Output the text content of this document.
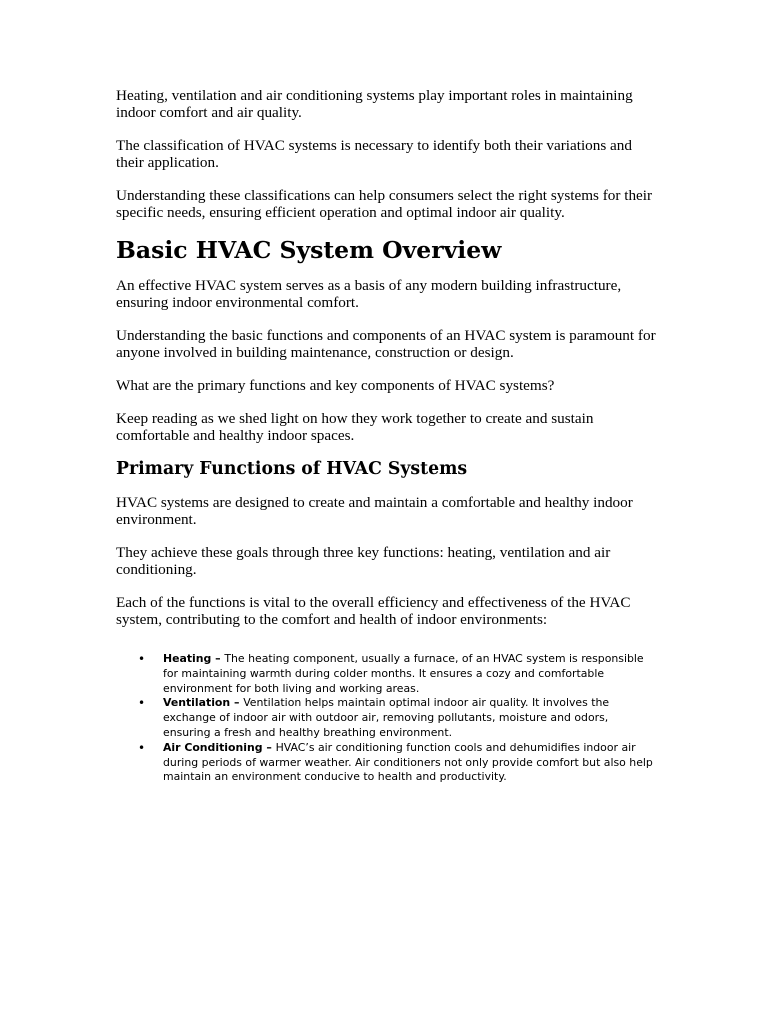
Heating, ventilation and air conditioning systems play important roles in maintaining indoor comfort and air quality.

The classification of HVAC systems is necessary to identify both their variations and their application.

Understanding these classifications can help consumers select the right systems for their specific needs, ensuring efficient operation and optimal indoor air quality.

Basic HVAC System Overview

An effective HVAC system serves as a basis of any modern building infrastructure, ensuring indoor environmental comfort.

Understanding the basic functions and components of an HVAC system is paramount for anyone involved in building maintenance, construction or design.

What are the primary functions and key components of HVAC systems?

Keep reading as we shed light on how they work together to create and sustain comfortable and healthy indoor spaces.

Primary Functions of HVAC Systems

HVAC systems are designed to create and maintain a comfortable and healthy indoor environment.

They achieve these goals through three key functions: heating, ventilation and air conditioning.

Each of the functions is vital to the overall efficiency and effectiveness of the HVAC system, contributing to the comfort and health of indoor environments:

• Heating – The heating component, usually a furnace, of an HVAC system is responsible for maintaining warmth during colder months. It ensures a cozy and comfortable environment for both living and working areas.
• Ventilation – Ventilation helps maintain optimal indoor air quality. It involves the exchange of indoor air with outdoor air, removing pollutants, moisture and odors, ensuring a fresh and healthy breathing environment.
• Air Conditioning – HVAC’s air conditioning function cools and dehumidifies indoor air during periods of warmer weather. Air conditioners not only provide comfort but also help maintain an environment conducive to health and productivity.
